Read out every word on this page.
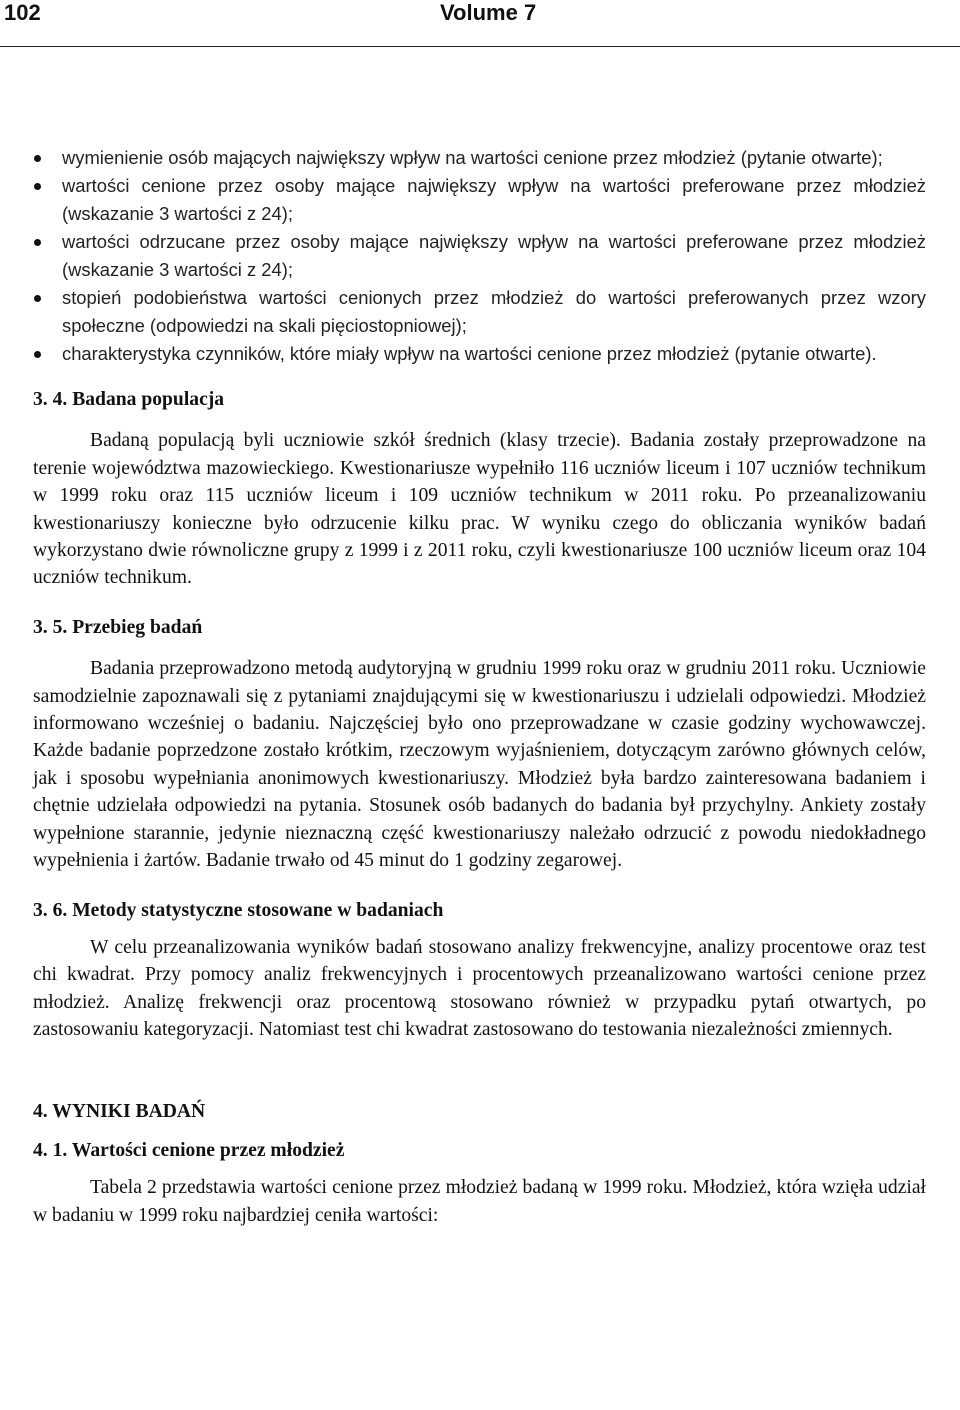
102	Volume 7
wymienienie osób mających największy wpływ na wartości cenione przez młodzież (pytanie otwarte);
wartości cenione przez osoby mające największy wpływ na wartości preferowane przez młodzież (wskazanie 3 wartości z 24);
wartości odrzucane przez osoby mające największy wpływ na wartości preferowane przez młodzież (wskazanie 3 wartości z 24);
stopień podobieństwa wartości cenionych przez młodzież do wartości preferowanych przez wzory społeczne (odpowiedzi na skali pięciostopniowej);
charakterystyka czynników, które miały wpływ na wartości cenione przez młodzież (pytanie otwarte).

3. 4. Badana populacja

Badaną populacją byli uczniowie szkół średnich (klasy trzecie). Badania zostały przeprowadzone na terenie województwa mazowieckiego. Kwestionariusze wypełniło 116 uczniów liceum i 107 uczniów technikum w 1999 roku oraz 115 uczniów liceum i 109 uczniów technikum w 2011 roku. Po przeanalizowaniu kwestionariuszy konieczne było odrzucenie kilku prac. W wyniku czego do obliczania wyników badań wykorzystano dwie równoliczne grupy z 1999 i z 2011 roku, czyli kwestionariusze 100 uczniów liceum oraz 104 uczniów technikum.

3. 5. Przebieg badań

Badania przeprowadzono metodą audytoryjną w grudniu 1999 roku oraz w grudniu 2011 roku. Uczniowie samodzielnie zapoznawali się z pytaniami znajdującymi się w kwestionariuszu i udzielali odpowiedzi. Młodzież informowano wcześniej o badaniu. Najczęściej było ono przeprowadzane w czasie godziny wychowawczej. Każde badanie poprzedzone zostało krótkim, rzeczowym wyjaśnieniem, dotyczącym zarówno głównych celów, jak i sposobu wypełniania anonimowych kwestionariuszy. Młodzież była bardzo zainteresowana badaniem i chętnie udzielała odpowiedzi na pytania. Stosunek osób badanych do badania był przychylny. Ankiety zostały wypełnione starannie, jedynie nieznaczną część kwestionariuszy należało odrzucić z powodu niedokładnego wypełnienia i żartów. Badanie trwało od 45 minut do 1 godziny zegarowej.

3. 6. Metody statystyczne stosowane w badaniach

W celu przeanalizowania wyników badań stosowano analizy frekwencyjne, analizy procentowe oraz test chi kwadrat. Przy pomocy analiz frekwencyjnych i procentowych przeanalizowano wartości cenione przez młodzież. Analizę frekwencji oraz procentową stosowano również w przypadku pytań otwartych, po zastosowaniu kategoryzacji. Natomiast test chi kwadrat zastosowano do testowania niezależności zmiennych.

4. WYNIKI BADAŃ

4. 1. Wartości cenione przez młodzież

Tabela 2 przedstawia wartości cenione przez młodzież badaną w 1999 roku. Młodzież, która wzięła udział w badaniu w 1999 roku najbardziej ceniła wartości:
